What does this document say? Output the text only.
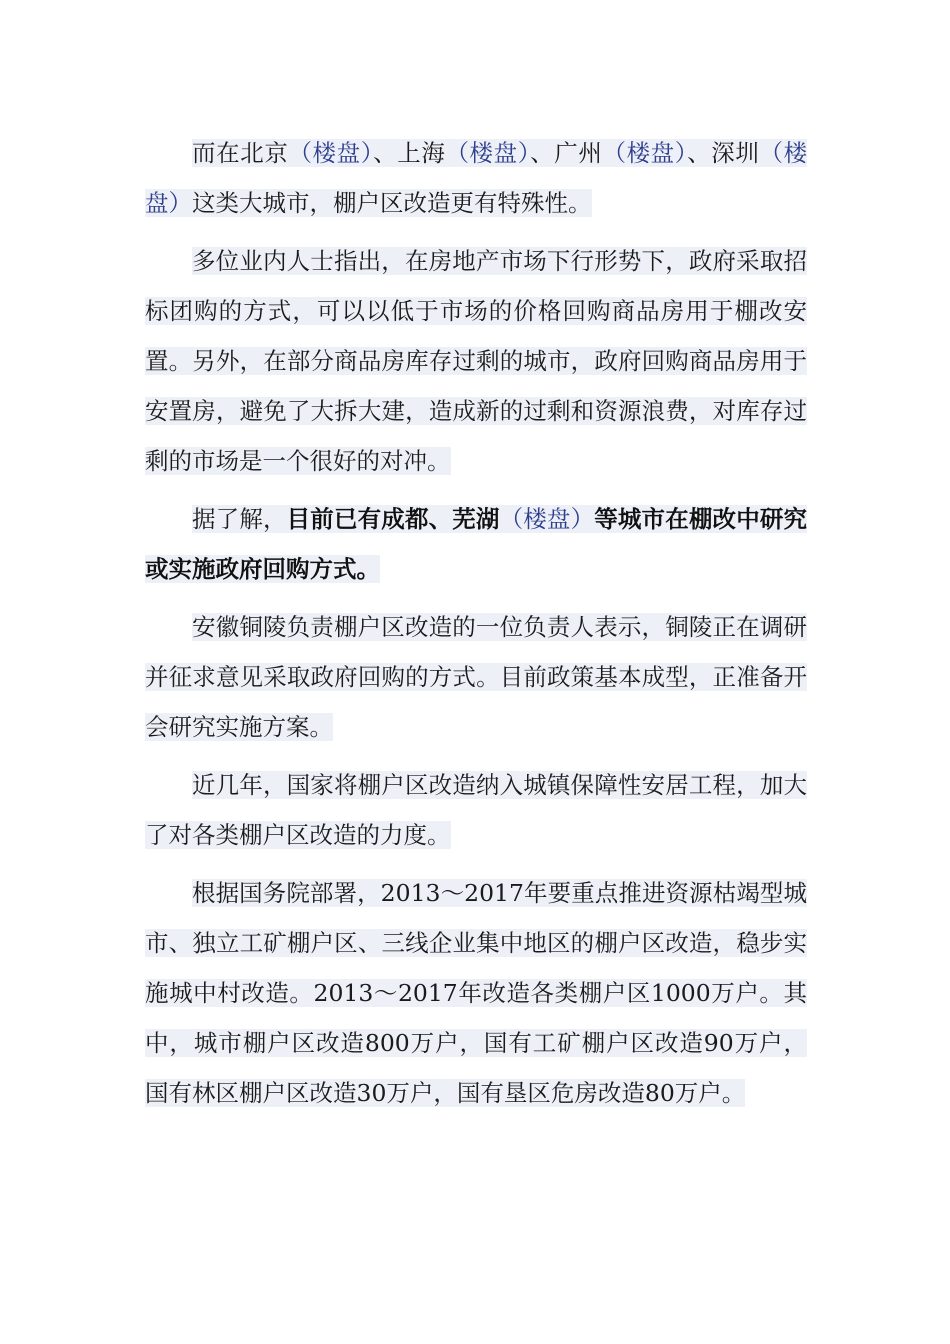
而在北京（楼盘）、上海（楼盘）、广州（楼盘）、深圳（楼盘）这类大城市，棚户区改造更有特殊性。

多位业内人士指出，在房地产市场下行形势下，政府采取招标团购的方式，可以以低于市场的价格回购商品房用于棚改安置。另外，在部分商品房库存过剩的城市，政府回购商品房用于安置房，避免了大拆大建，造成新的过剩和资源浪费，对库存过剩的市场是一个很好的对冲。

据了解，目前已有成都、芜湖（楼盘）等城市在棚改中研究或实施政府回购方式。

安徽铜陵负责棚户区改造的一位负责人表示，铜陵正在调研并征求意见采取政府回购的方式。目前政策基本成型，正准备开会研究实施方案。

近几年，国家将棚户区改造纳入城镇保障性安居工程，加大了对各类棚户区改造的力度。

根据国务院部署，2013～2017年要重点推进资源枯竭型城市、独立工矿棚户区、三线企业集中地区的棚户区改造，稳步实施城中村改造。2013～2017年改造各类棚户区1000万户。其中，城市棚户区改造800万户，国有工矿棚户区改造90万户，国有林区棚户区改造30万户，国有垦区危房改造80万户。
